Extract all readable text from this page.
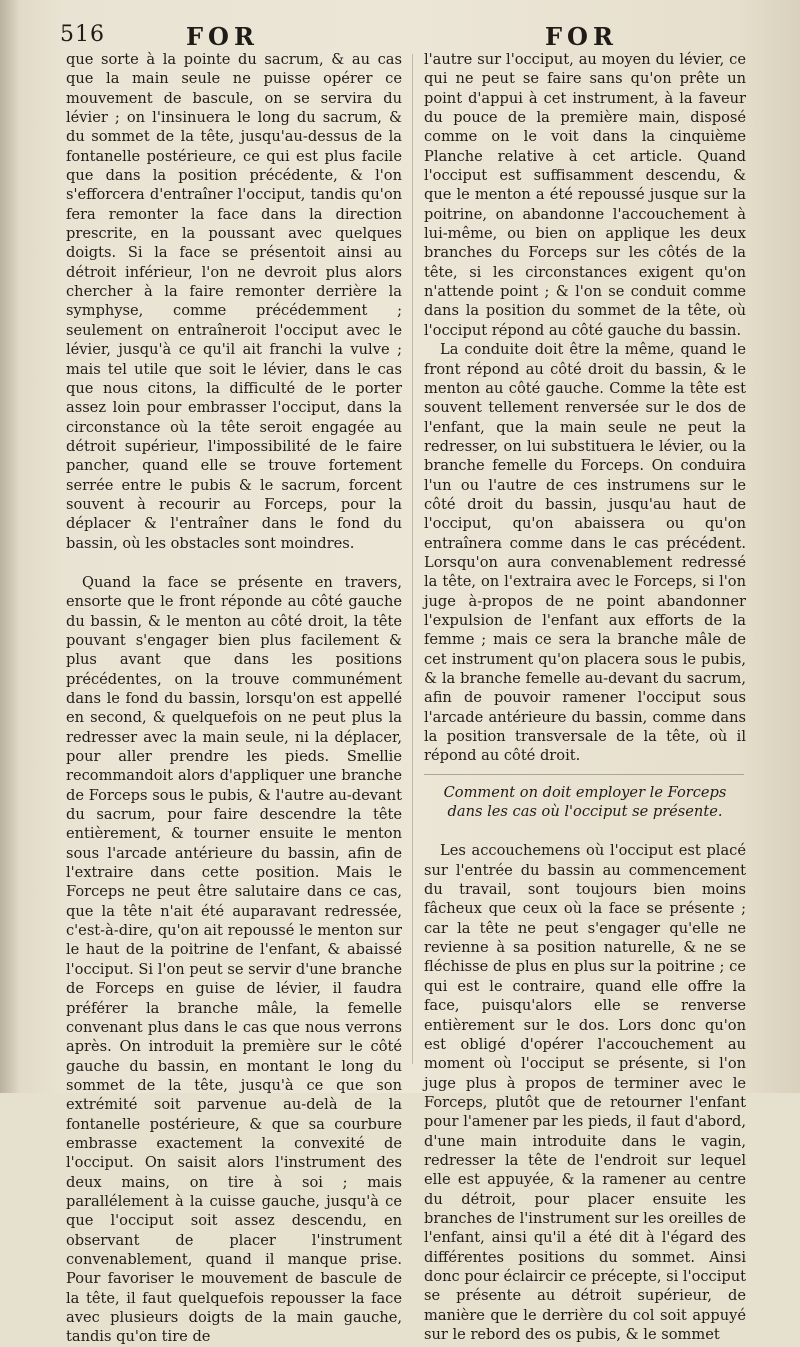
516	FOR	FOR

que sorte à la pointe du sacrum, & au cas que la main seule ne puisse opérer ce mouvement de bascule, on se servira du lévier ; on l'insinuera le long du sacrum, & du sommet de la tête, jusqu'au-dessus de la fontanelle postérieure, ce qui est plus facile que dans la position précédente, & l'on s'efforcera d'entraîner l'occiput, tandis qu'on fera remonter la face dans la direction prescrite, en la poussant avec quelques doigts. Si la face se présentoit ainsi au détroit inférieur, l'on ne devroit plus alors chercher à la faire remonter derrière la symphyse, comme précédemment ; seulement on entraîneroit l'occiput avec le lévier, jusqu'à ce qu'il ait franchi la vulve ; mais tel utile que soit le lévier, dans le cas que nous citons, la difficulté de le porter assez loin pour embrasser l'occiput, dans la circonstance où la tête seroit engagée au détroit supérieur, l'impossibilité de le faire pancher, quand elle se trouve fortement serrée entre le pubis & le sacrum, forcent souvent à recourir au Forceps, pour la déplacer & l'entraîner dans le fond du bassin, où les obstacles sont moindres.

Quand la face se présente en travers, ensorte que le front réponde au côté gauche du bassin, & le menton au côté droit, la tête pouvant s'engager bien plus facilement & plus avant que dans les positions précédentes, on la trouve communément dans le fond du bassin, lorsqu'on est appellé en second, & quelquefois on ne peut plus la redresser avec la main seule, ni la déplacer, pour aller prendre les pieds. Smellie recommandoit alors d'appliquer une branche de Forceps sous le pubis, & l'autre au-devant du sacrum, pour faire descendre la tête entièrement, & tourner ensuite le menton sous l'arcade antérieure du bassin, afin de l'extraire dans cette position. Mais le Forceps ne peut être salutaire dans ce cas, que la tête n'ait été auparavant redressée, c'est-à-dire, qu'on ait repoussé le menton sur le haut de la poitrine de l'enfant, & abaissé l'occiput. Si l'on peut se servir d'une branche de Forceps en guise de lévier, il faudra préférer la branche mâle, la femelle convenant plus dans le cas que nous verrons après. On introduit la première sur le côté gauche du bassin, en montant le long du sommet de la tête, jusqu'à ce que son extrémité soit parvenue au-delà de la fontanelle postérieure, & que sa courbure embrasse exactement la convexité de l'occiput. On saisit alors l'instrument des deux mains, on tire à soi ; mais parallélement à la cuisse gauche, jusqu'à ce que l'occiput soit assez descendu, en observant de placer l'instrument convenablement, quand il manque prise. Pour favoriser le mouvement de bascule de la tête, il faut quelquefois repousser la face avec plusieurs doigts de la main gauche, tandis qu'on tire de

l'autre sur l'occiput, au moyen du lévier, ce qui ne peut se faire sans qu'on prête un point d'appui à cet instrument, à la faveur du pouce de la première main, disposé comme on le voit dans la cinquième Planche relative à cet article. Quand l'occiput est suffisamment descendu, & que le menton a été repoussé jusque sur la poitrine, on abandonne l'accouchement à lui-même, ou bien on applique les deux branches du Forceps sur les côtés de la tête, si les circonstances exigent qu'on n'attende point ; & l'on se conduit comme dans la position du sommet de la tête, où l'occiput répond au côté gauche du bassin.

La conduite doit être la même, quand le front répond au côté droit du bassin, & le menton au côté gauche. Comme la tête est souvent tellement renversée sur le dos de l'enfant, que la main seule ne peut la redresser, on lui substituera le lévier, ou la branche femelle du Forceps. On conduira l'un ou l'autre de ces instrumens sur le côté droit du bassin, jusqu'au haut de l'occiput, qu'on abaissera ou qu'on entraînera comme dans le cas précédent. Lorsqu'on aura convenablement redressé la tête, on l'extraira avec le Forceps, si l'on juge à-propos de ne point abandonner l'expulsion de l'enfant aux efforts de la femme ; mais ce sera la branche mâle de cet instrument qu'on placera sous le pubis, & la branche femelle au-devant du sacrum, afin de pouvoir ramener l'occiput sous l'arcade antérieure du bassin, comme dans la position transversale de la tête, où il répond au côté droit.

Comment on doit employer le Forceps dans les cas où l'occiput se présente.

Les accouchemens où l'occiput est placé sur l'entrée du bassin au commencement du travail, sont toujours bien moins fâcheux que ceux où la face se présente ; car la tête ne peut s'engager qu'elle ne revienne à sa position naturelle, & ne se fléchisse de plus en plus sur la poitrine ; ce qui est le contraire, quand elle offre la face, puisqu'alors elle se renverse entièrement sur le dos. Lors donc qu'on est obligé d'opérer l'accouchement au moment où l'occiput se présente, si l'on juge plus à propos de terminer avec le Forceps, plutôt que de retourner l'enfant pour l'amener par les pieds, il faut d'abord, d'une main introduite dans le vagin, redresser la tête de l'endroit sur lequel elle est appuyée, & la ramener au centre du détroit, pour placer ensuite les branches de l'instrument sur les oreilles de l'enfant, ainsi qu'il a été dit à l'égard des différentes positions du sommet. Ainsi donc pour éclaircir ce précepte, si l'occiput se présente au détroit supérieur, de manière que le derrière du col soit appuyé sur le rebord des os pubis, & le sommet
